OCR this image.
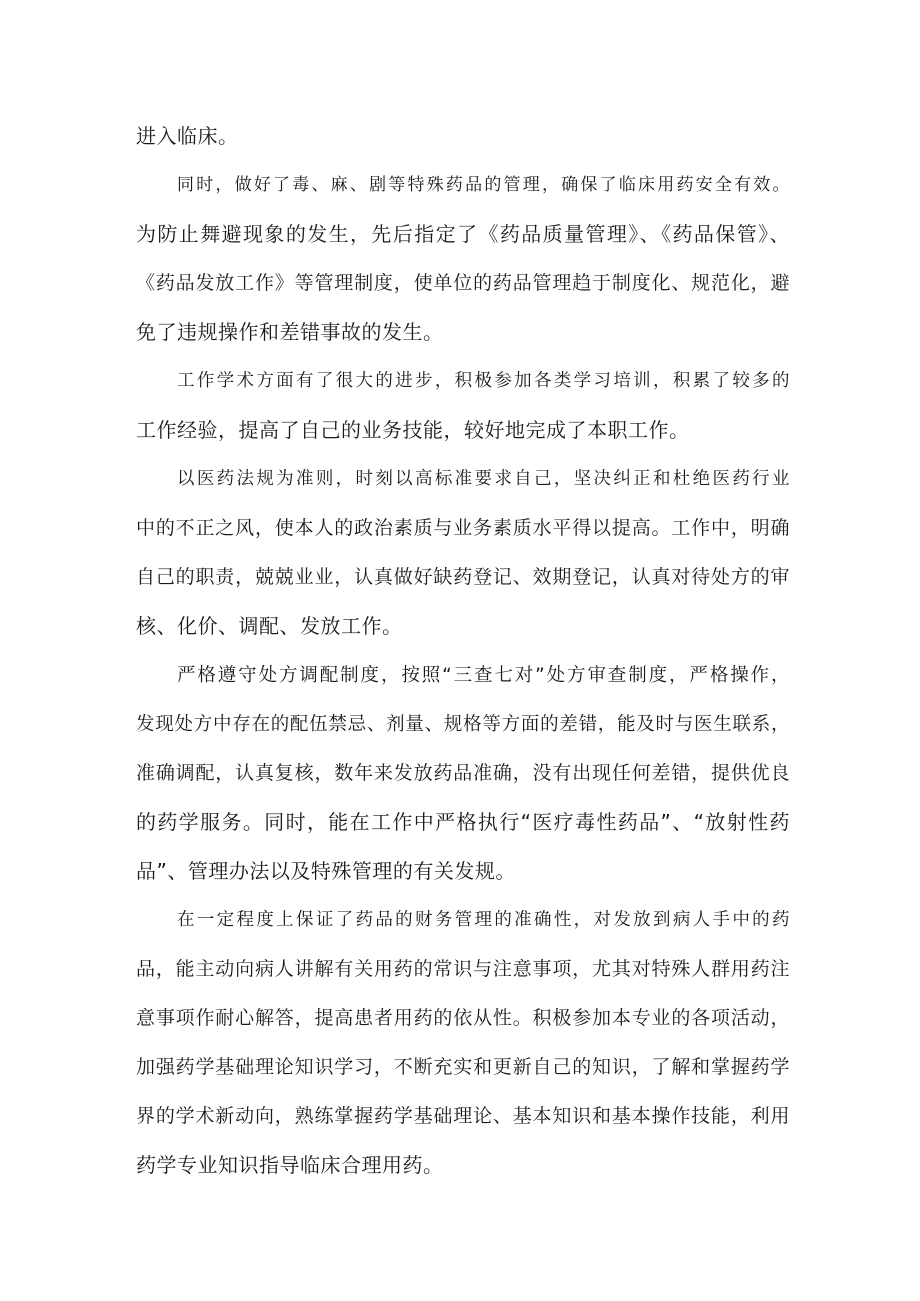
进入临床。
同时，做好了毒、麻、剧等特殊药品的管理，确保了临床用药安全有效。
为防止舞避现象的发生，先后指定了《药品质量管理》、《药品保管》、
《药品发放工作》等管理制度，使单位的药品管理趋于制度化、规范化，避
免了违规操作和差错事故的发生。
工作学术方面有了很大的进步，积极参加各类学习培训，积累了较多的
工作经验，提高了自己的业务技能，较好地完成了本职工作。
以医药法规为准则，时刻以高标准要求自己，坚决纠正和杜绝医药行业
中的不正之风，使本人的政治素质与业务素质水平得以提高。工作中，明确
自己的职责，兢兢业业，认真做好缺药登记、效期登记，认真对待处方的审
核、化价、调配、发放工作。
严格遵守处方调配制度，按照“三查七对”处方审查制度，严格操作，
发现处方中存在的配伍禁忌、剂量、规格等方面的差错，能及时与医生联系，
准确调配，认真复核，数年来发放药品准确，没有出现任何差错，提供优良
的药学服务。同时，能在工作中严格执行“医疗毒性药品”、“放射性药
品”、管理办法以及特殊管理的有关发规。
在一定程度上保证了药品的财务管理的准确性，对发放到病人手中的药
品，能主动向病人讲解有关用药的常识与注意事项，尤其对特殊人群用药注
意事项作耐心解答，提高患者用药的依从性。积极参加本专业的各项活动，
加强药学基础理论知识学习，不断充实和更新自己的知识，了解和掌握药学
界的学术新动向，熟练掌握药学基础理论、基本知识和基本操作技能，利用
药学专业知识指导临床合理用药。
